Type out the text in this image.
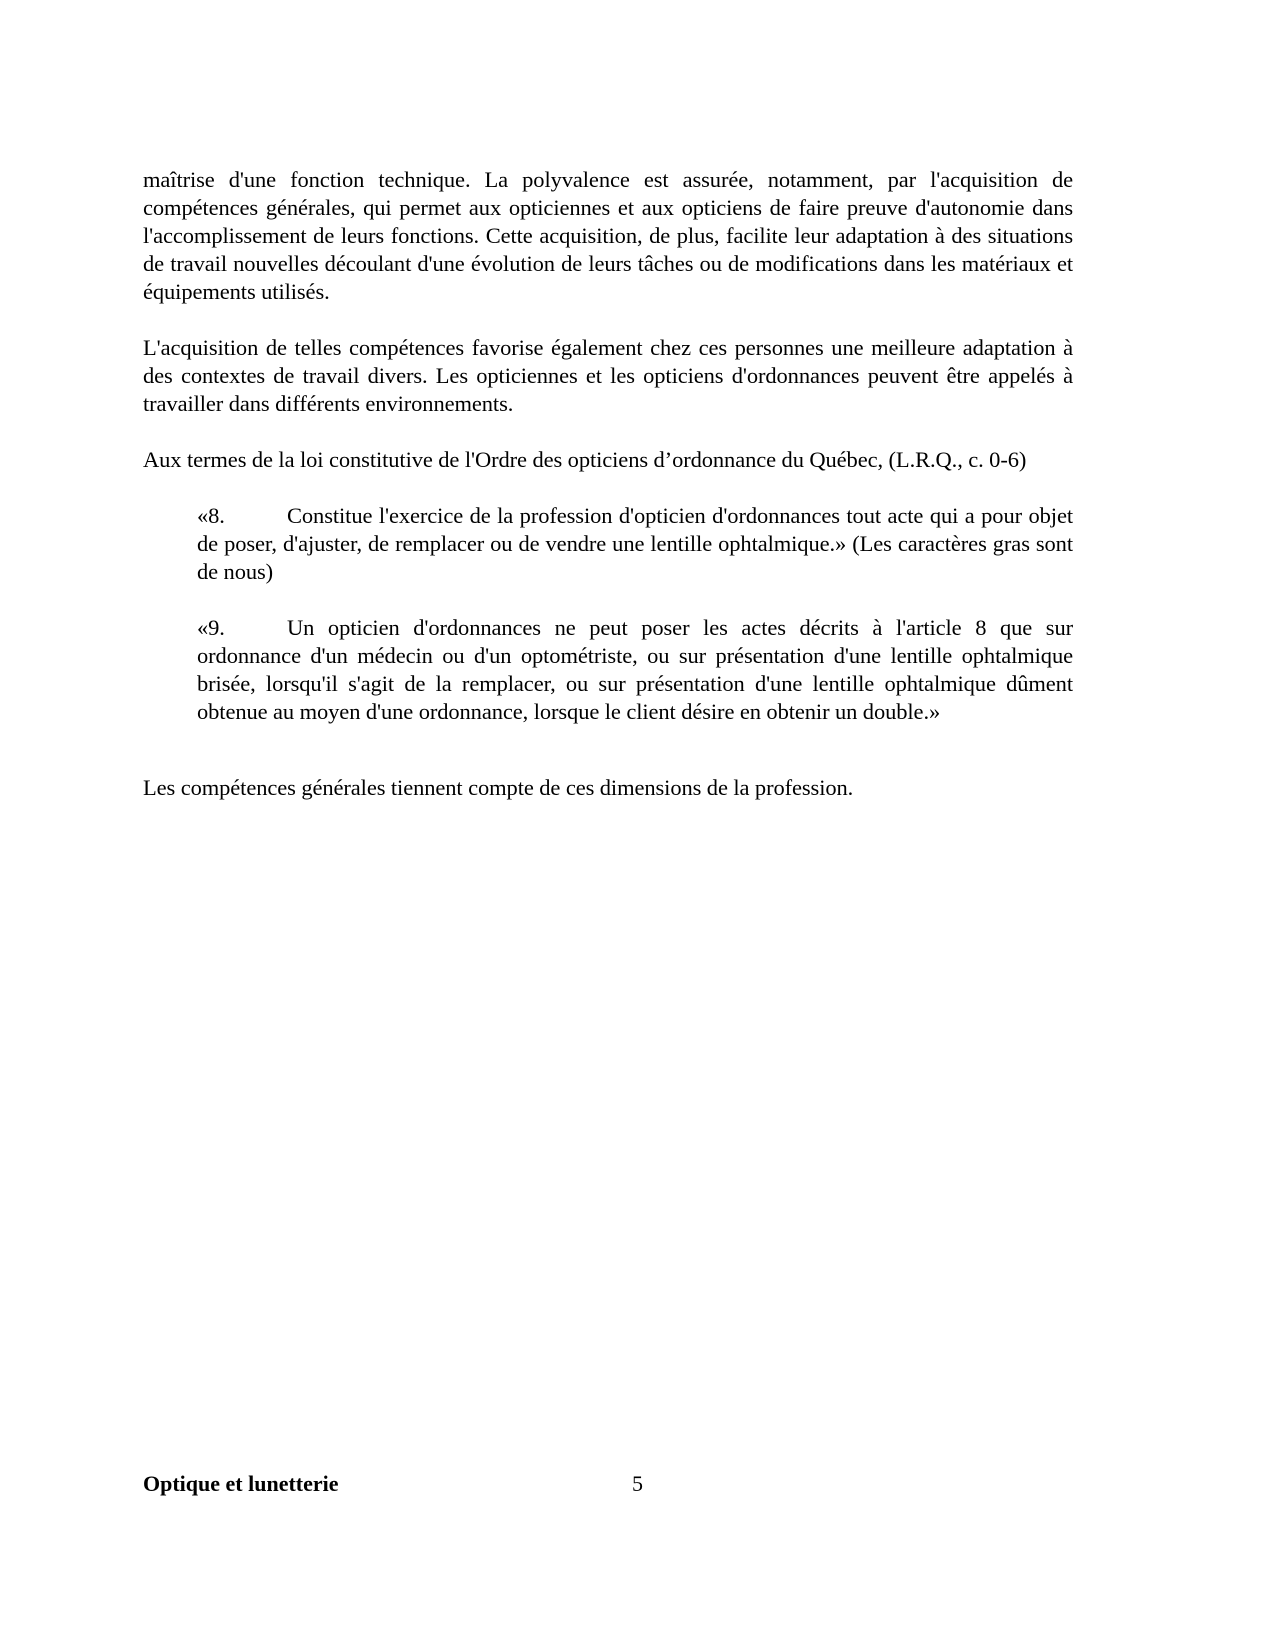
maîtrise d'une fonction technique. La polyvalence est assurée, notamment, par l'acquisition de compétences générales, qui permet aux opticiennes et aux opticiens de faire preuve d'autonomie dans l'accomplissement de leurs fonctions. Cette acquisition, de plus, facilite leur adaptation à des situations de travail nouvelles découlant d'une évolution de leurs tâches ou de modifications dans les matériaux et équipements utilisés.

L'acquisition de telles compétences favorise également chez ces personnes une meilleure adaptation à des contextes de travail divers. Les opticiennes et les opticiens d'ordonnances peuvent être appelés à travailler dans différents environnements.

Aux termes de la loi constitutive de l'Ordre des opticiens d’ordonnance du Québec, (L.R.Q., c. 0-6)

«8.	Constitue l'exercice de la profession d'opticien d'ordonnances tout acte qui a pour objet de poser, d'ajuster, de remplacer ou de vendre une lentille ophtalmique.» (Les caractères gras sont de nous)

«9.	Un opticien d'ordonnances ne peut poser les actes décrits à l'article 8 que sur ordonnance d'un médecin ou d'un optométriste, ou sur présentation d'une lentille ophtalmique brisée, lorsqu'il s'agit de la remplacer, ou sur présentation d'une lentille ophtalmique dûment obtenue au moyen d'une ordonnance, lorsque le client désire en obtenir un double.»

Les compétences générales tiennent compte de ces dimensions de la profession.

Optique et lunetterie	5
